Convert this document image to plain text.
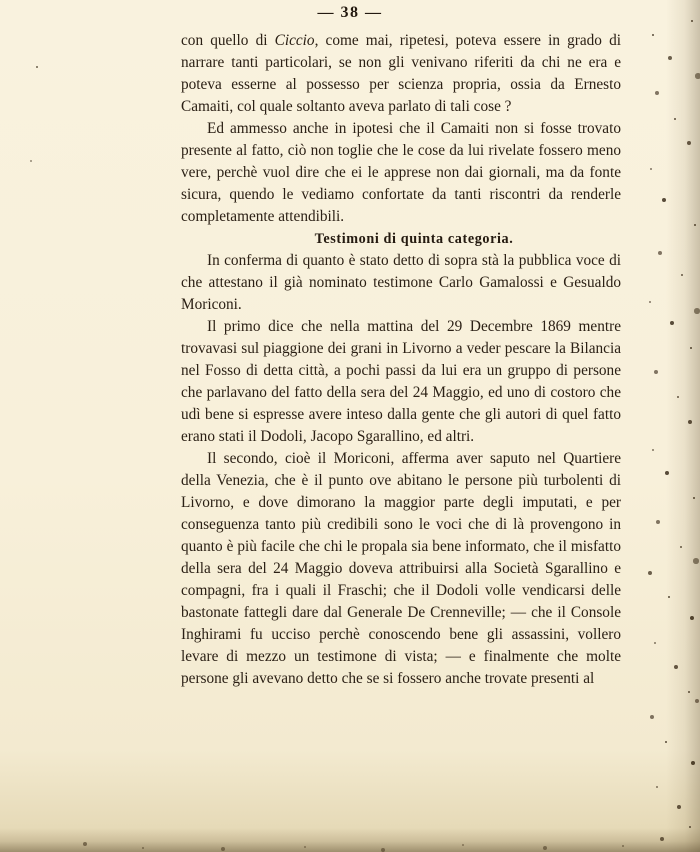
— 38 —

con quello di Ciccio, come mai, ripetesi, poteva essere in grado di narrare tanti particolari, se non gli venivano riferiti da chi ne era e poteva esserne al possesso per scienza propria, ossia da Ernesto Camaiti, col quale soltanto aveva parlato di tali cose ?

Ed ammesso anche in ipotesi che il Camaiti non si fosse trovato presente al fatto, ciò non toglie che le cose da lui rivelate fossero meno vere, perchè vuol dire che ei le apprese non dai giornali, ma da fonte sicura, quendo le vediamo confortate da tanti riscontri da renderle completamente attendibili.

Testimoni di quinta categoria.

In conferma di quanto è stato detto di sopra stà la pubblica voce di che attestano il già nominato testimone Carlo Gamalossi e Gesualdo Moriconi.

Il primo dice che nella mattina del 29 Decembre 1869 mentre trovavasi sul piaggione dei grani in Livorno a veder pescare la Bilancia nel Fosso di detta città, a pochi passi da lui era un gruppo di persone che parlavano del fatto della sera del 24 Maggio, ed uno di costoro che udì bene si espresse avere inteso dalla gente che gli autori di quel fatto erano stati il Dodoli, Jacopo Sgarallino, ed altri.

Il secondo, cioè il Moriconi, afferma aver saputo nel Quartiere della Venezia, che è il punto ove abitano le persone più turbolenti di Livorno, e dove dimorano la maggior parte degli imputati, e per conseguenza tanto più credibili sono le voci che di là provengono in quanto è più facile che chi le propala sia bene informato, che il misfatto della sera del 24 Maggio doveva attribuirsi alla Società Sgarallino e compagni, fra i quali il Fraschi; che il Dodoli volle vendicarsi delle bastonate fattegli dare dal Generale De Crenneville; — che il Console Inghirami fu ucciso perchè conoscendo bene gli assassini, vollero levare di mezzo un testimone di vista; — e finalmente che molte persone gli avevano detto che se si fossero anche trovate presenti al
